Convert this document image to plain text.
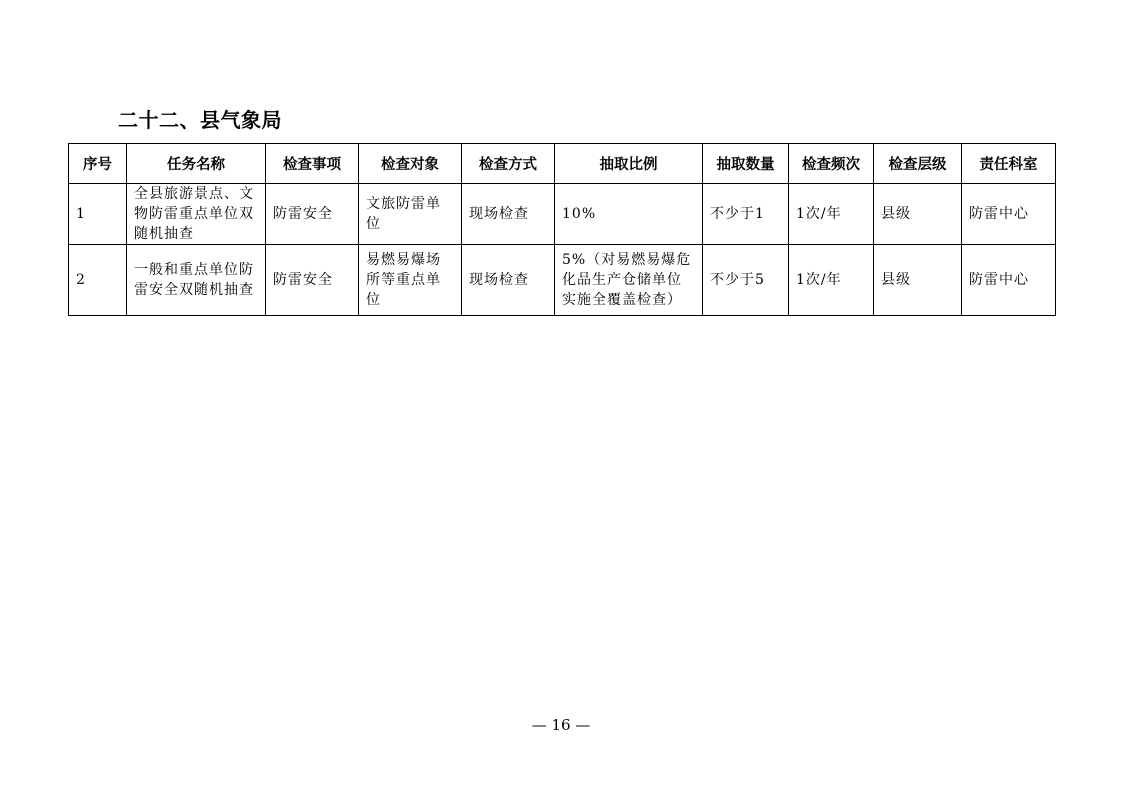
二十二、县气象局
序号	任务名称	检查事项	检查对象	检查方式	抽取比例	抽取数量	检查频次	检查层级	责任科室
1	全县旅游景点、文物防雷重点单位双随机抽查	防雷安全	文旅防雷单位	现场检查	10%	不少于1	1次/年	县级	防雷中心
2	一般和重点单位防雷安全双随机抽查	防雷安全	易燃易爆场所等重点单位	现场检查	5%（对易燃易爆危化品生产仓储单位实施全覆盖检查）	不少于5	1次/年	县级	防雷中心
— 16 —
